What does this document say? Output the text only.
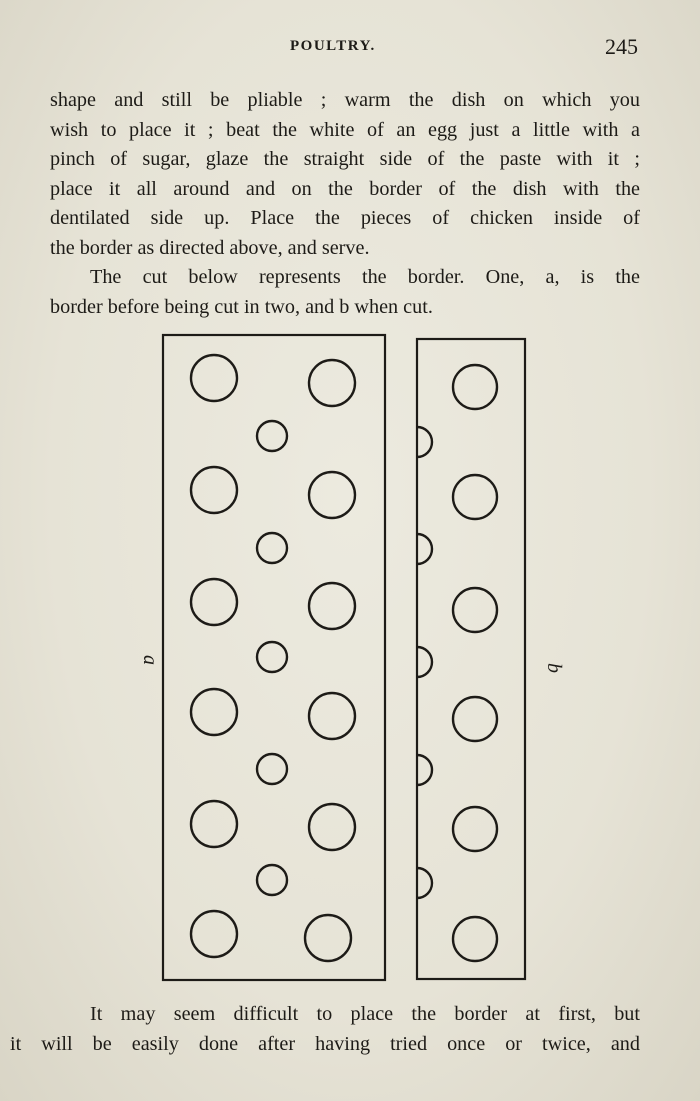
POULTRY.	245

shape and still be pliable ; warm the dish on which you
wish to place it ; beat the white of an egg just a little with a
pinch of sugar, glaze the straight side of the paste with it ;
place it all around and on the border of the dish with the
dentilated side up. Place the pieces of chicken inside of
the border as directed above, and serve.

The cut below represents the border. One, a, is the
border before being cut in two, and b when cut.

a
b

It may seem difficult to place the border at first, but
it will be easily done after having tried once or twice, and
